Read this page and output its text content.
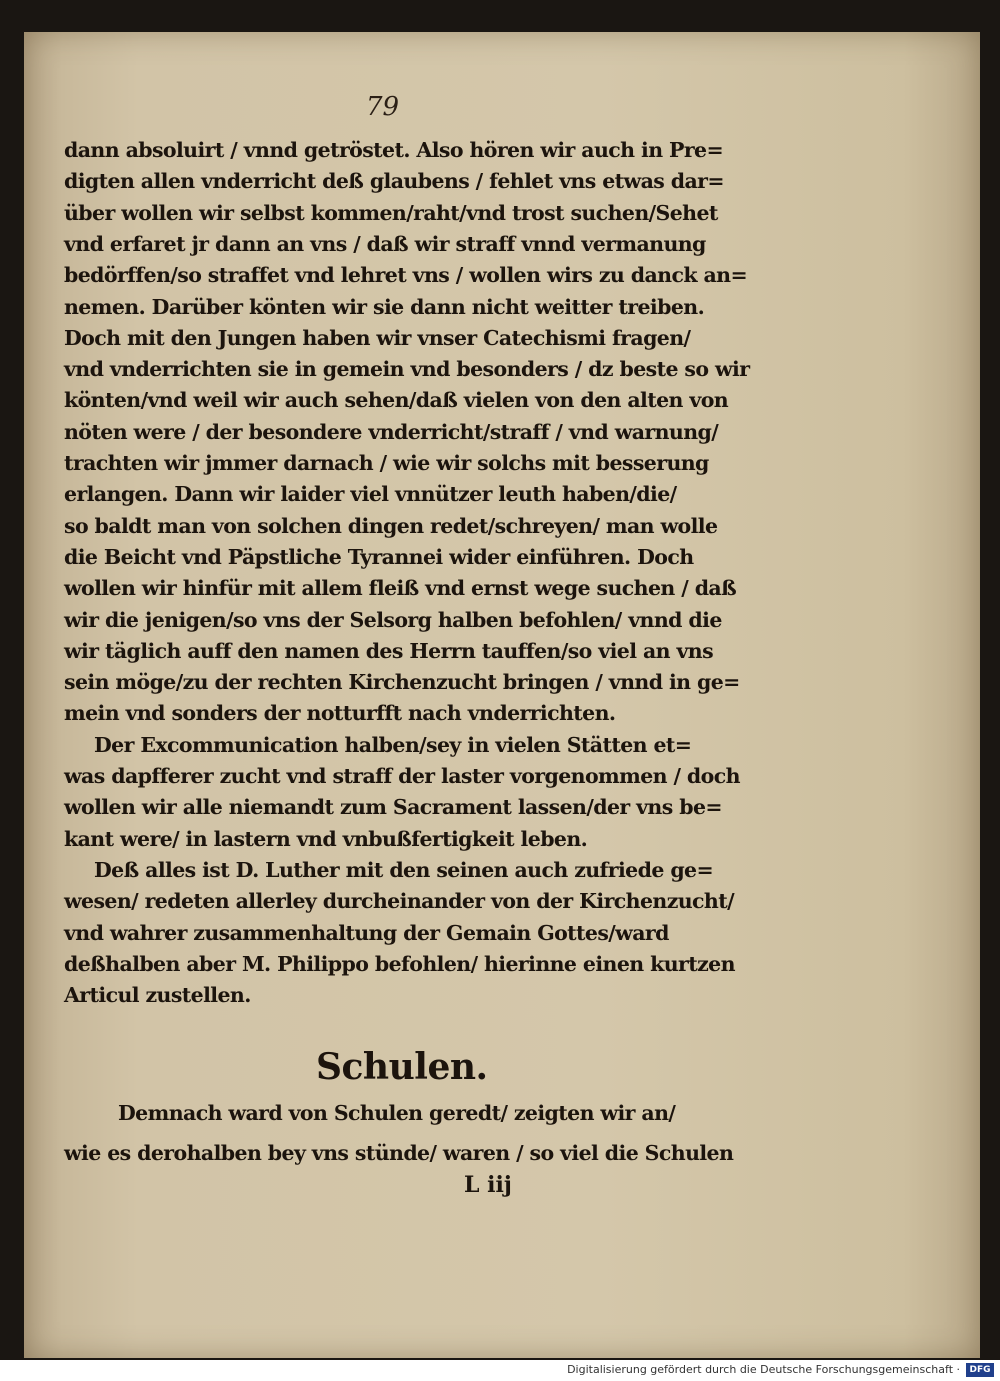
79
dann absoluirt / vnnd getröstet. Also hören wir auch in Pre=
digten allen vnderricht deß glaubens / fehlet vns etwas dar=
über wollen wir selbst kommen/raht/vnd trost suchen/Sehet
vnd erfaret jr dann an vns / daß wir straff vnnd vermanung
bedörffen/so straffet vnd lehret vns / wollen wirs zu danck an=
nemen. Darüber könten wir sie dann nicht weitter treiben.
Doch mit den Jungen haben wir vnser Catechismi fragen/
vnd vnderrichten sie in gemein vnd besonders / dz beste so wir
könten/vnd weil wir auch sehen/daß vielen von den alten von
nöten were / der besondere vnderricht/straff / vnd warnung/
trachten wir jmmer darnach / wie wir solchs mit besserung
erlangen. Dann wir laider viel vnnützer leuth haben/die/
so baldt man von solchen dingen redet/schreyen/ man wolle
die Beicht vnd Päpstliche Tyrannei wider einführen. Doch
wollen wir hinfür mit allem fleiß vnd ernst wege suchen / daß
wir die jenigen/so vns der Selsorg halben befohlen/ vnnd die
wir täglich auff den namen des Herrn tauffen/so viel an vns
sein möge/zu der rechten Kirchenzucht bringen / vnnd in ge=
mein vnd sonders der notturfft nach vnderrichten.
Der Excommunication halben/sey in vielen Stätten et=
was dapfferer zucht vnd straff der laster vorgenommen / doch
wollen wir alle niemandt zum Sacrament lassen/der vns be=
kant were/ in lastern vnd vnbußfertigkeit leben.
Deß alles ist D. Luther mit den seinen auch zufriede ge=
wesen/ redeten allerley durcheinander von der Kirchenzucht/
vnd wahrer zusammenhaltung der Gemain Gottes/ward
deßhalben aber M. Philippo befohlen/ hierinne einen kurtzen
Articul zustellen.
Schulen.
Demnach ward von Schulen geredt/ zeigten wir an/
wie es derohalben bey vns stünde/ waren / so viel die Schulen
L iij
Digitalisierung gefördert durch die Deutsche Forschungsgemeinschaft ·	DFG
